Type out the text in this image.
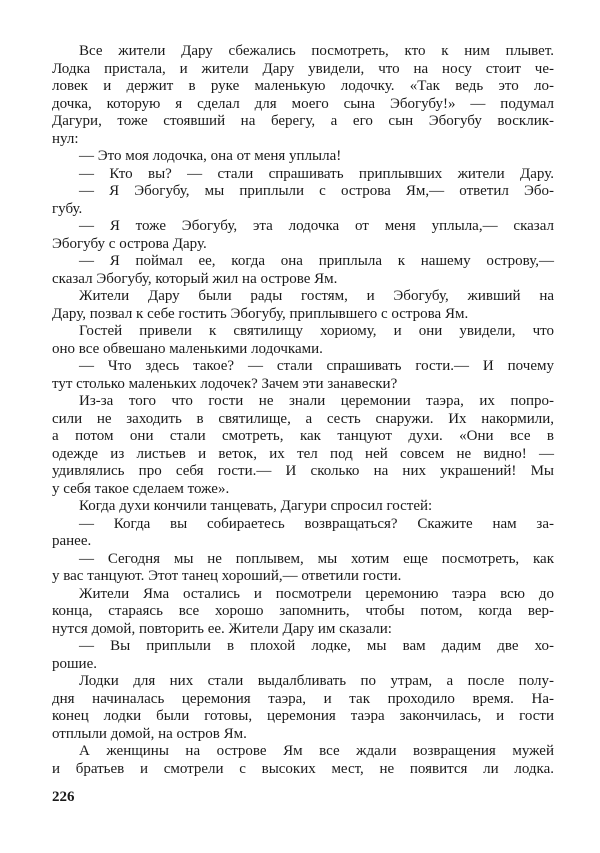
Все жители Дару сбежались посмотреть, кто к ним плывет.
Лодка пристала, и жители Дару увидели, что на носу стоит че-
ловек и держит в руке маленькую лодочку. «Так ведь это ло-
дочка, которую я сделал для моего сына Эбогубу!» — подумал
Дагури, тоже стоявший на берегу, а его сын Эбогубу восклик-
нул:
— Это моя лодочка, она от меня уплыла!
— Кто вы? — стали спрашивать приплывших жители Дару.
— Я Эбогубу, мы приплыли с острова Ям,— ответил Эбо-
губу.
— Я тоже Эбогубу, эта лодочка от меня уплыла,— сказал
Эбогубу с острова Дару.
— Я поймал ее, когда она приплыла к нашему острову,—
сказал Эбогубу, который жил на острове Ям.
Жители Дару были рады гостям, и Эбогубу, живший на
Дару, позвал к себе гостить Эбогубу, приплывшего с острова Ям.
Гостей привели к святилищу хориому, и они увидели, что
оно все обвешано маленькими лодочками.
— Что здесь такое? — стали спрашивать гости.— И почему
тут столько маленьких лодочек? Зачем эти занавески?
Из-за того что гости не знали церемонии таэра, их попро-
сили не заходить в святилище, а сесть снаружи. Их накормили,
а потом они стали смотреть, как танцуют духи. «Они все в
одежде из листьев и веток, их тел под ней совсем не видно! —
удивлялись про себя гости.— И сколько на них украшений! Мы
у себя такое сделаем тоже».
Когда духи кончили танцевать, Дагури спросил гостей:
— Когда вы собираетесь возвращаться? Скажите нам за-
ранее.
— Сегодня мы не поплывем, мы хотим еще посмотреть, как
у вас танцуют. Этот танец хороший,— ответили гости.
Жители Яма остались и посмотрели церемонию таэра всю до
конца, стараясь все хорошо запомнить, чтобы потом, когда вер-
нутся домой, повторить ее. Жители Дару им сказали:
— Вы приплыли в плохой лодке, мы вам дадим две хо-
рошие.
Лодки для них стали выдалбливать по утрам, а после полу-
дня начиналась церемония таэра, и так проходило время. На-
конец лодки были готовы, церемония таэра закончилась, и гости
отплыли домой, на остров Ям.
А женщины на острове Ям все ждали возвращения мужей
и братьев и смотрели с высоких мест, не появится ли лодка.
226
